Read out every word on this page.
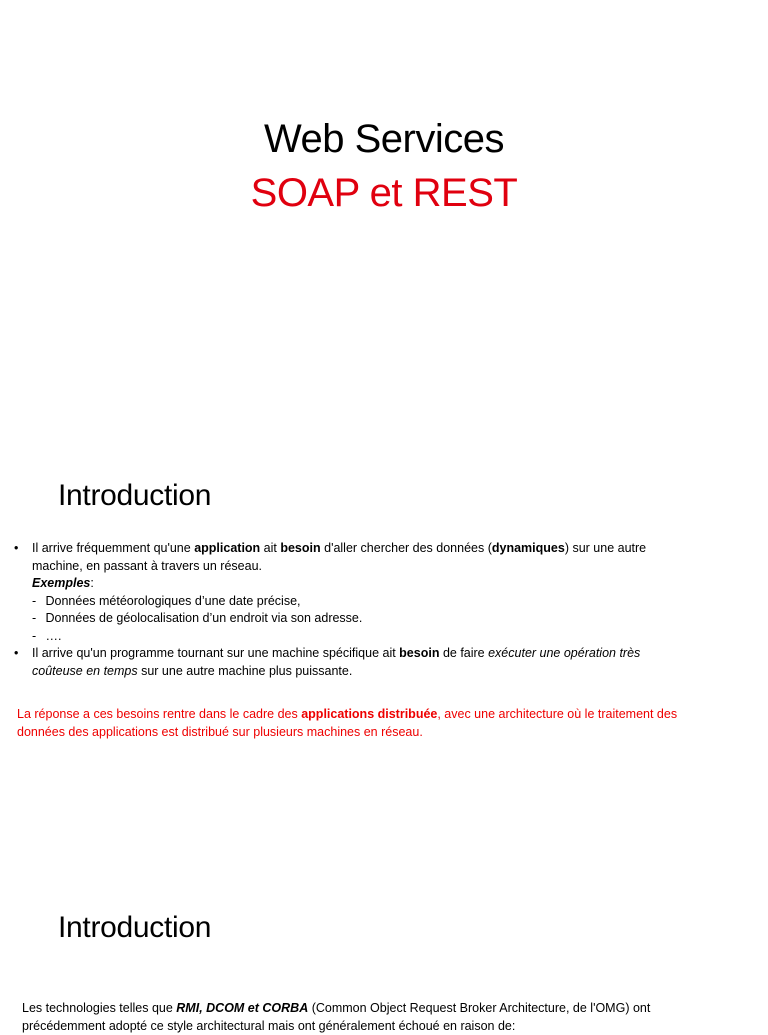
Web Services
SOAP et REST
Introduction
• Il arrive fréquemment qu'une application ait besoin d'aller chercher des données (dynamiques) sur une autre
machine, en passant à travers un réseau.
Exemples:
- Données météorologiques d’une date précise,
- Données de géolocalisation d’un endroit via son adresse.
- ….
• Il arrive qu'un programme tournant sur une machine spécifique ait besoin de faire exécuter une opération très
coûteuse en temps sur une autre machine plus puissante.
La réponse a ces besoins rentre dans le cadre des applications distribuée, avec une architecture où le traitement des
données des applications est distribué sur plusieurs machines en réseau.
Introduction
Les technologies telles que RMI, DCOM et CORBA (Common Object Request Broker Architecture, de l'OMG) ont
précédemment adopté ce style architectural mais ont généralement échoué en raison de:
